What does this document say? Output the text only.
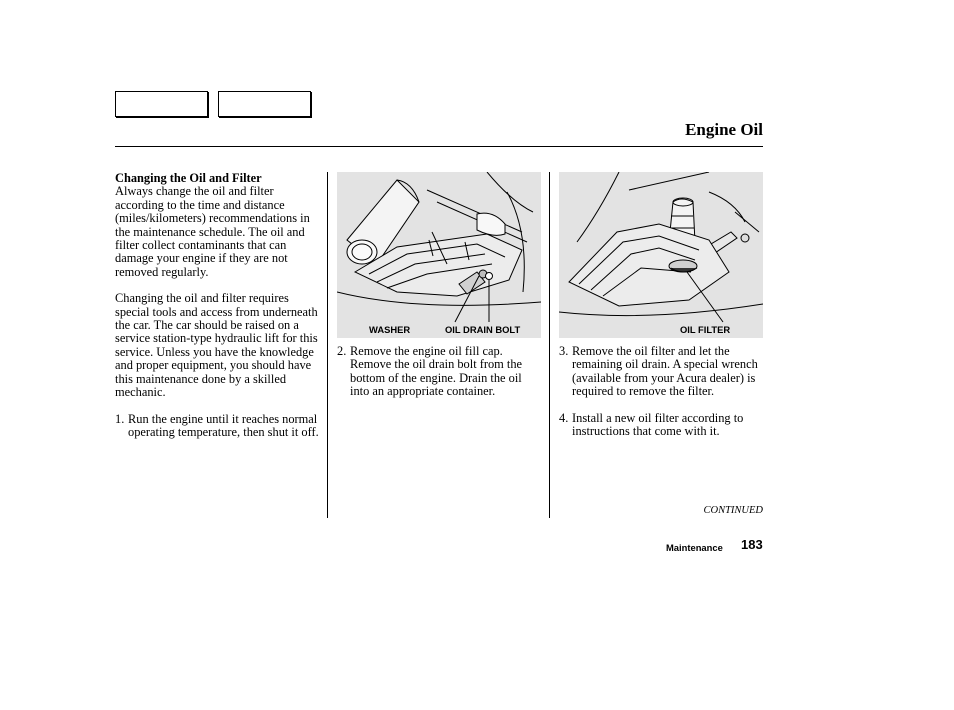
Engine Oil

Changing the Oil and Filter

Always change the oil and filter according to the time and distance (miles/kilometers) recommendations in the maintenance schedule. The oil and filter collect contaminants that can damage your engine if they are not removed regularly.

Changing the oil and filter requires special tools and access from underneath the car. The car should be raised on a service station-type hydraulic lift for this service. Unless you have the knowledge and proper equipment, you should have this maintenance done by a skilled mechanic.

1. Run the engine until it reaches normal operating temperature, then shut it off.
WASHER	OIL DRAIN BOLT
2. Remove the engine oil fill cap. Remove the oil drain bolt from the bottom of the engine. Drain the oil into an appropriate container.
OIL FILTER
3. Remove the oil filter and let the remaining oil drain. A special wrench (available from your Acura dealer) is required to remove the filter.
4. Install a new oil filter according to instructions that come with it.
CONTINUED
Maintenance 183
